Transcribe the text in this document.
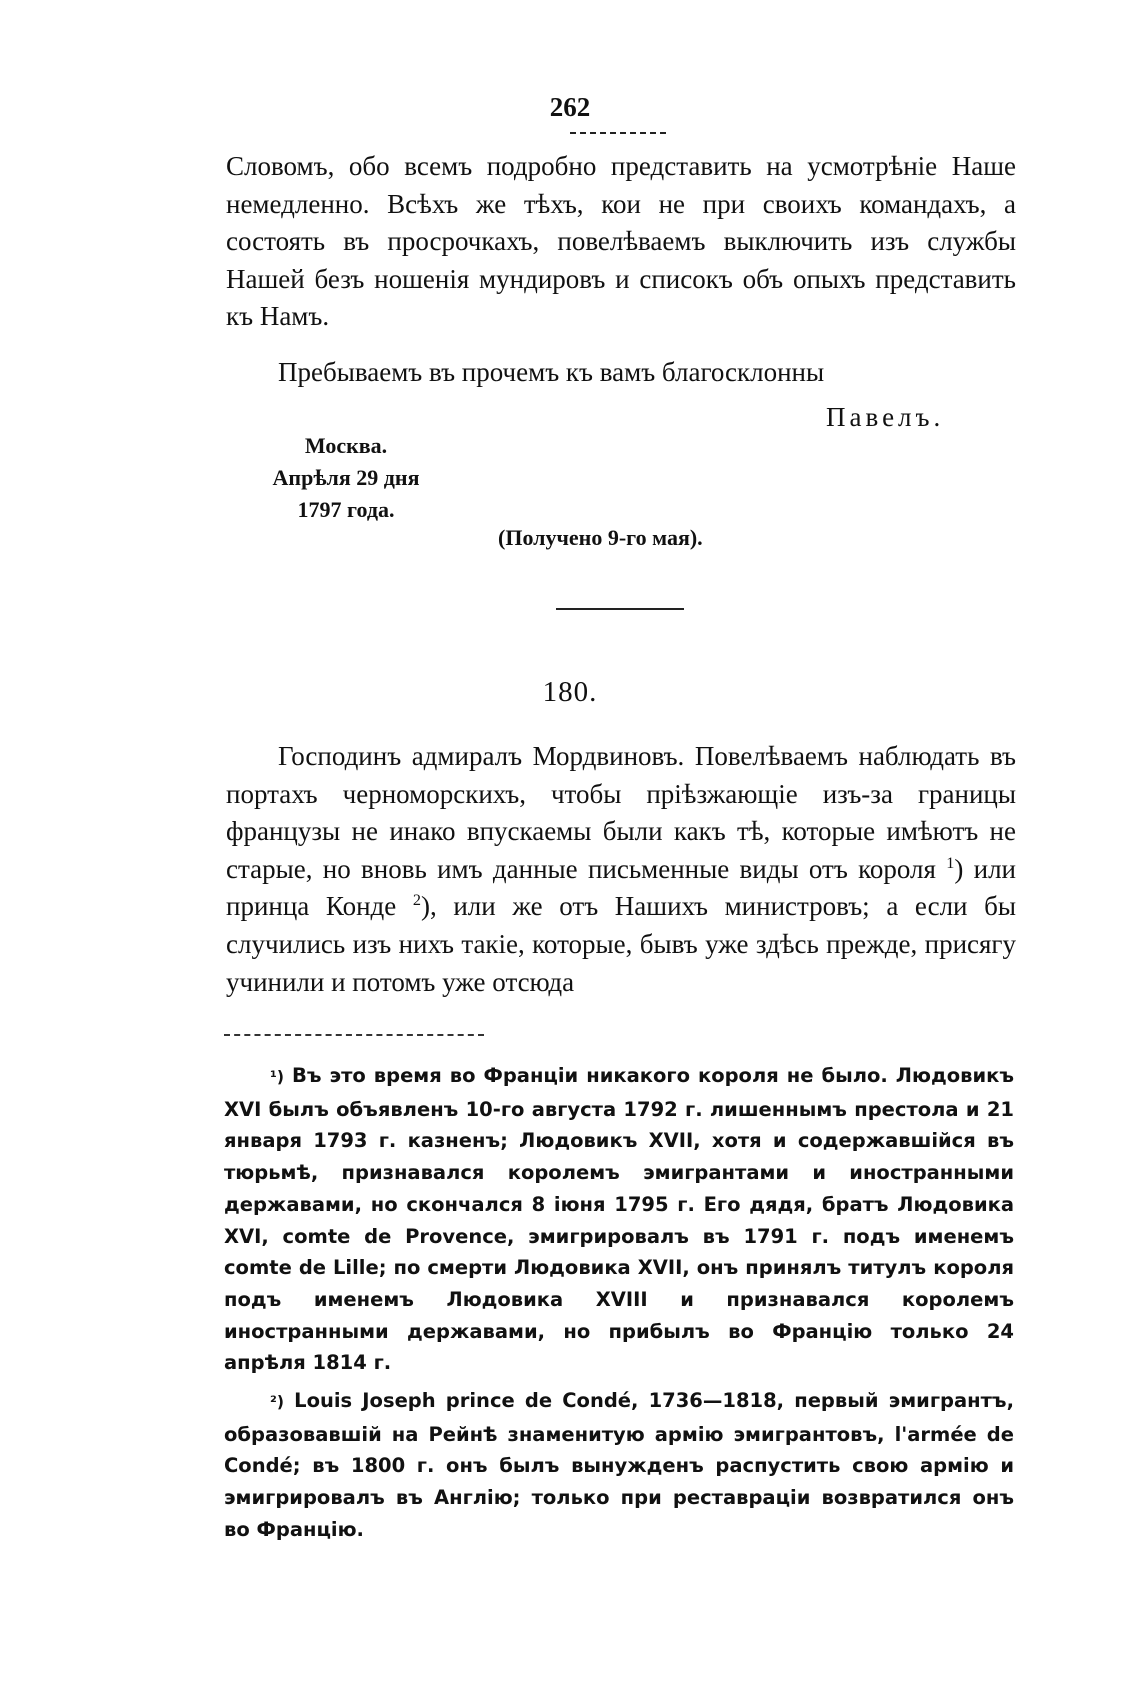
262

Словомъ, обо всемъ подробно представить на усмотрѣніе Наше немедленно. Всѣхъ же тѣхъ, кои не при своихъ командахъ, а состоять въ просрочкахъ, повелѣваемъ выключить изъ службы Нашей безъ ношенія мундировъ и списокъ объ опыхъ представить къ Намъ.

Пребываемъ въ прочемъ къ вамъ благосклонны

Павелъ.

Москва.
Апрѣля 29 дня
1797 года.

(Получено 9-го мая).

180.

Господинъ адмиралъ Мордвиновъ. Повелѣваемъ наблюдать въ портахъ черноморскихъ, чтобы пріѣзжающіе изъ-за границы французы не инако впускаемы были какъ тѣ, которые имѣютъ не старые, но вновь имъ данные письменные виды отъ короля $^1$) или принца Конде $^2$), или же отъ Нашихъ министровъ; а если бы случились изъ нихъ такіе, которые, бывъ уже здѣсь прежде, присягу учинили и потомъ уже отсюда

¹) Въ это время во Франціи никакого короля не было. Людовикъ XVI былъ объявленъ 10-го августа 1792 г. лишеннымъ престола и 21 января 1793 г. казненъ; Людовикъ XVII, хотя и содержавшійся въ тюрьмѣ, признавался королемъ эмигрантами и иностранными державами, но скончался 8 іюня 1795 г. Его дядя, братъ Людовика XVI, comte de Provence, эмигрировалъ въ 1791 г. подъ именемъ comte de Lille; по смерти Людовика XVII, онъ принялъ титулъ короля подъ именемъ Людовика XVIII и признавался королемъ иностранными державами, но прибылъ во Францію только 24 апрѣля 1814 г.

²) Louis Joseph prince de Condé, 1736—1818, первый эмигрантъ, образовавшій на Рейнѣ знаменитую армію эмигрантовъ, l'armée de Condé; въ 1800 г. онъ былъ вынужденъ распустить свою армію и эмигрировалъ въ Англію; только при реставраціи возвратился онъ во Францію.
